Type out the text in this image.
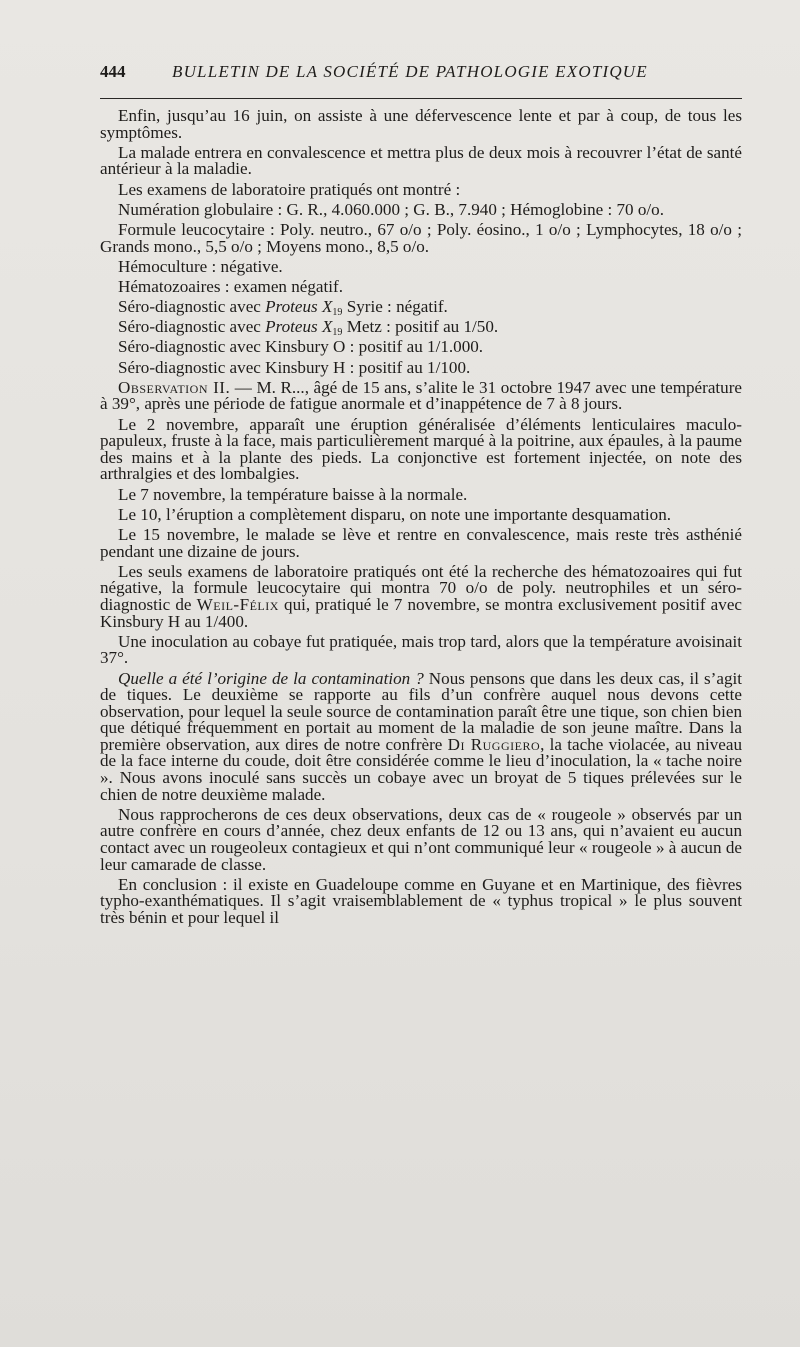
444	BULLETIN DE LA SOCIÉTÉ DE PATHOLOGIE EXOTIQUE

Enfin, jusqu’au 16 juin, on assiste à une défervescence lente et par à coup, de tous les symptômes.

La malade entrera en convalescence et mettra plus de deux mois à recouvrer l’état de santé antérieur à la maladie.

Les examens de laboratoire pratiqués ont montré :

Numération globulaire : G. R., 4.060.000 ; G. B., 7.940 ; Hémoglobine : 70 o/o.

Formule leucocytaire : Poly. neutro., 67 o/o ; Poly. éosino., 1 o/o ; Lymphocytes, 18 o/o ; Grands mono., 5,5 o/o ; Moyens mono., 8,5 o/o.

Hémoculture : négative.

Hématozoaires : examen négatif.

Séro-diagnostic avec Proteus $X_{19}$ Syrie : négatif.

Séro-diagnostic avec Proteus $X_{19}$ Metz : positif au 1/50.

Séro-diagnostic avec Kinsbury O : positif au 1/1.000.

Séro-diagnostic avec Kinsbury H : positif au 1/100.

Observation II. — M. R..., âgé de 15 ans, s’alite le 31 octobre 1947 avec une température à 39°, après une période de fatigue anormale et d’inappétence de 7 à 8 jours.

Le 2 novembre, apparaît une éruption généralisée d’éléments lenticulaires maculo-papuleux, fruste à la face, mais particulièrement marqué à la poitrine, aux épaules, à la paume des mains et à la plante des pieds. La conjonctive est fortement injectée, on note des arthralgies et des lombalgies.

Le 7 novembre, la température baisse à la normale.

Le 10, l’éruption a complètement disparu, on note une importante desquamation.

Le 15 novembre, le malade se lève et rentre en convalescence, mais reste très asthénié pendant une dizaine de jours.

Les seuls examens de laboratoire pratiqués ont été la recherche des hématozoaires qui fut négative, la formule leucocytaire qui montra 70 o/o de poly. neutrophiles et un séro-diagnostic de Weil-Félix qui, pratiqué le 7 novembre, se montra exclusivement positif avec Kinsbury H au 1/400.

Une inoculation au cobaye fut pratiquée, mais trop tard, alors que la température avoisinait 37°.

Quelle a été l’origine de la contamination ? Nous pensons que dans les deux cas, il s’agit de tiques. Le deuxième se rapporte au fils d’un confrère auquel nous devons cette observation, pour lequel la seule source de contamination paraît être une tique, son chien bien que détiqué fréquemment en portait au moment de la maladie de son jeune maître. Dans la première observation, aux dires de notre confrère Di Ruggiero, la tache violacée, au niveau de la face interne du coude, doit être considérée comme le lieu d’inoculation, la « tache noire ». Nous avons inoculé sans succès un cobaye avec un broyat de 5 tiques prélevées sur le chien de notre deuxième malade.

Nous rapprocherons de ces deux observations, deux cas de « rougeole » observés par un autre confrère en cours d’année, chez deux enfants de 12 ou 13 ans, qui n’avaient eu aucun contact avec un rougeoleux contagieux et qui n’ont communiqué leur « rougeole » à aucun de leur camarade de classe.

En conclusion : il existe en Guadeloupe comme en Guyane et en Martinique, des fièvres typho-exanthématiques. Il s’agit vraisemblablement de « typhus tropical » le plus souvent très bénin et pour lequel il
